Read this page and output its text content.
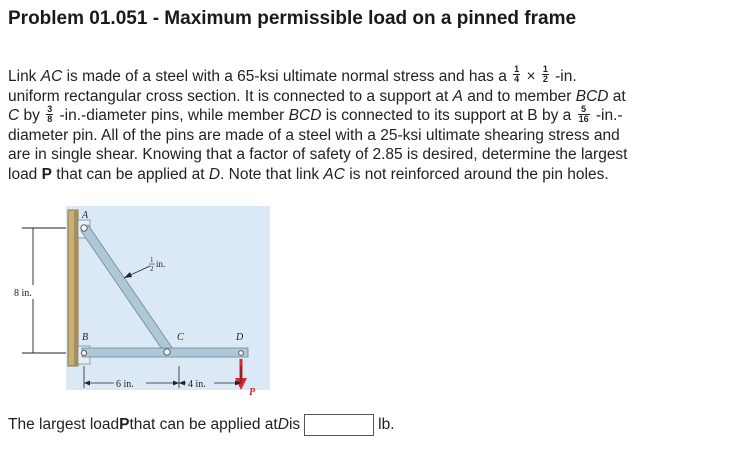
Problem 01.051 - Maximum permissible load on a pinned frame
Link AC is made of a steel with a 65-ksi ultimate normal stress and has a $\frac{1}{4} \times \frac{1}{2} -in$.
uniform rectangular cross section. It is connected to a support at A and to member BCD at
C by $\frac{3}{8}$ -in.-diameter pins, while member BCD is connected to its support at B by a $\frac{5}{16} -in.-$
diameter pin. All of the pins are made of a steel with a 25-ksi ultimate shearing stress and
are in single shear. Knowing that a factor of safety of 2.85 is desired, determine the largest
load P that can be applied at D. Note that link AC is not reinforced around the pin holes.
A
B	C	D
P
8 in.
1
2 in.
6 in.	4 in.
The largest load P that can be applied at D is	lb.
